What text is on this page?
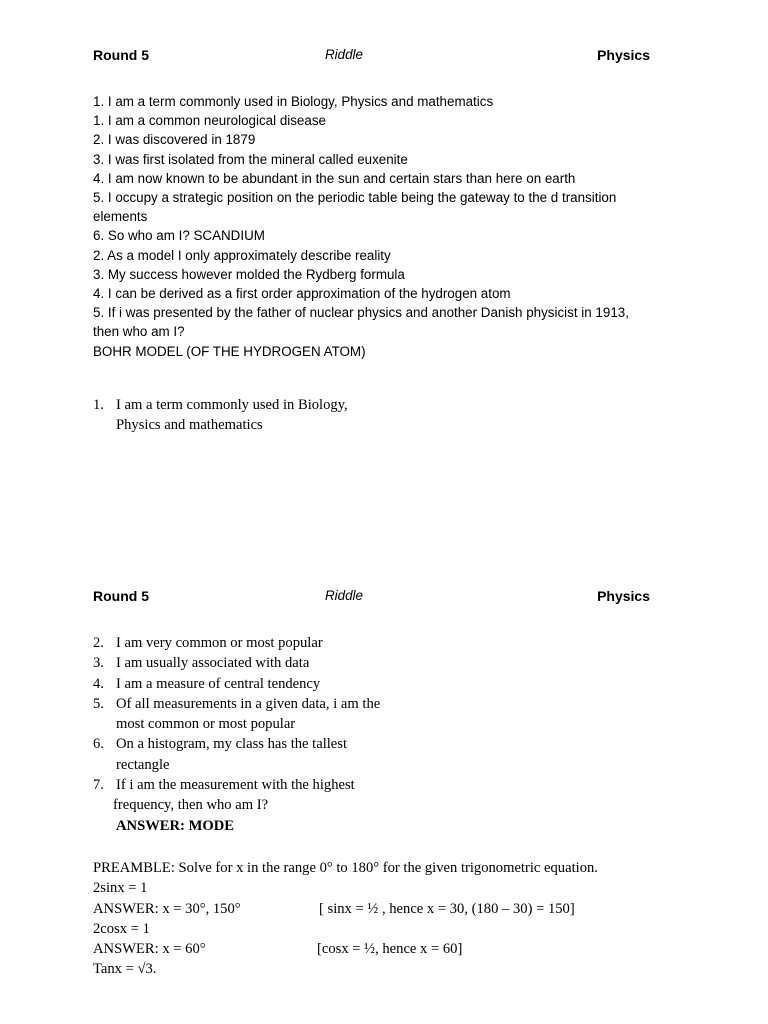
Round 5	Riddle	Physics
1. I am a term commonly used in Biology, Physics and mathematics
1. I am a common neurological disease
2. I was discovered in 1879
3. I was first isolated from the mineral called euxenite
4. I am now known to be abundant in the sun and certain stars than here on earth
5. I occupy a strategic position on the periodic table being the gateway to the d transition
elements
6. So who am I? SCANDIUM
2. As a model I only approximately describe reality
3. My success however molded the Rydberg formula
4. I can be derived as a first order approximation of the hydrogen atom
5. If i was presented by the father of nuclear physics and another Danish physicist in 1913,
then who am I?
BOHR MODEL (OF THE HYDROGEN ATOM)
1. I am a term commonly used in Biology,
Physics and mathematics
Round 5	Riddle	Physics
2. I am very common or most popular
3. I am usually associated with data
4. I am a measure of central tendency
5. Of all measurements in a given data, i am the
most common or most popular
6. On a histogram, my class has the tallest
rectangle
7. If i am the measurement with the highest
frequency, then who am I?
ANSWER: MODE
PREAMBLE: Solve for x in the range 0° to 180° for the given trigonometric equation.
2sinx = 1
ANSWER: x = 30°, 150°	[ sinx = ½ , hence x = 30, (180 – 30) = 150]
2cosx = 1
ANSWER: x = 60°	[cosx = ½, hence x = 60]
Tanx = √3.
